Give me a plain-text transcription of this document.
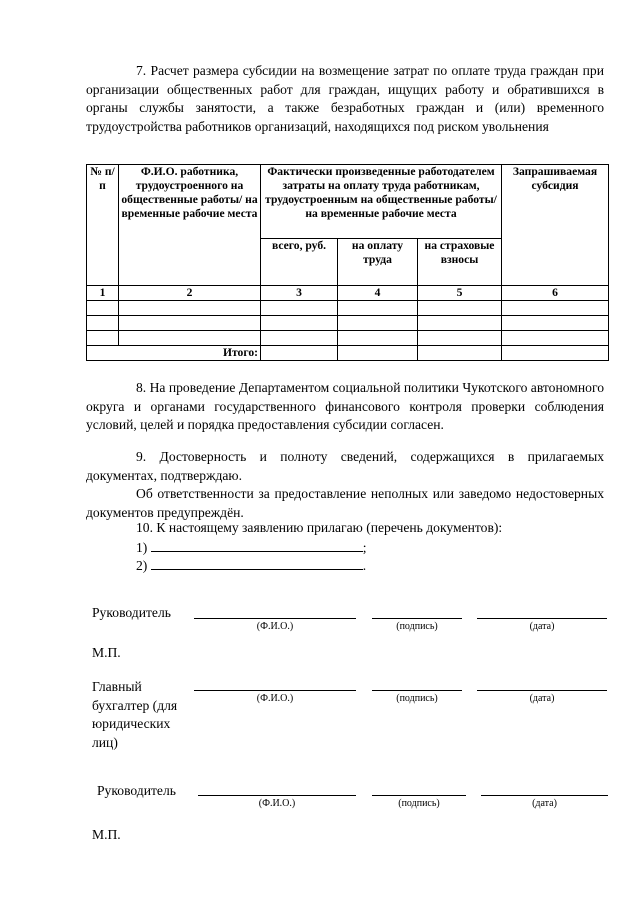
7. Расчет размера субсидии на возмещение затрат по оплате труда граждан при организации общественных работ для граждан, ищущих работу и обратившихся в органы службы занятости, а также безработных граждан и (или) временного трудоустройства работников организаций, находящихся под риском увольнения

№ п/п	Ф.И.О. работника, трудоустроенного на общественные работы/ на временные рабочие места	Фактически произведенные работодателем затраты на оплату труда работникам, трудоустроенным на общественные работы/ на временные рабочие места			Запрашиваемая субсидия
		всего, руб.	на оплату труда	на страховые взносы	
1	2	3	4	5	6

Итого:					

8. На проведение Департаментом социальной политики Чукотского автономного округа и органами государственного финансового контроля проверки соблюдения условий, целей и порядка предоставления субсидии согласен.

9. Достоверность и полноту сведений, содержащихся в прилагаемых документах, подтверждаю.

Об ответственности за предоставление неполных или заведомо недостоверных документов предупреждён.

10. К настоящему заявлению прилагаю (перечень документов):

1)	;

2)	.

Руководитель

(Ф.И.О.)	(подпись)	(дата)

М.П.

Главный бухгалтер (для юридических лиц)

(Ф.И.О.)	(подпись)	(дата)

Руководитель

(Ф.И.О.)	(подпись)	(дата)

М.П.
